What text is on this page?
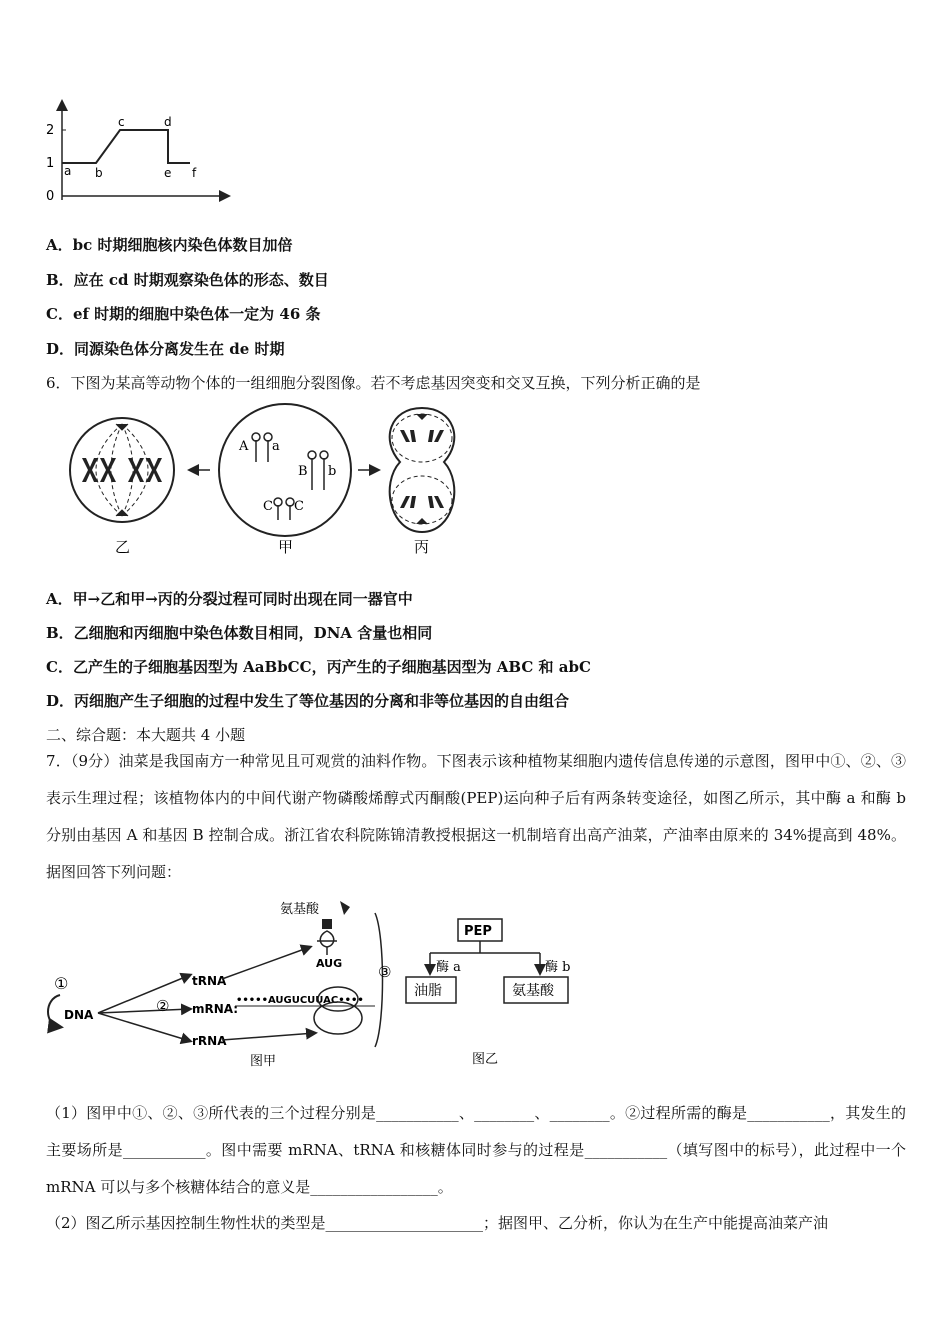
0
1
2
a b
c	d
e f
A．bc 时期细胞核内染色体数目加倍
B．应在 cd 时期观察染色体的形态、数目
C．ef 时期的细胞中染色体一定为 46 条
D．同源染色体分离发生在 de 时期
6．下图为某高等动物个体的一组细胞分裂图像。若不考虑基因突变和交叉互换，下列分析正确的是
A a
B b
C C
乙	甲	丙
A．甲→乙和甲→丙的分裂过程可同时出现在同一器官中
B．乙细胞和丙细胞中染色体数目相同，DNA 含量也相同
C．乙产生的子细胞基因型为 AaBbCC，丙产生的子细胞基因型为 ABC 和 abC
D．丙细胞产生子细胞的过程中发生了等位基因的分离和非等位基因的自由组合
二、综合题：本大题共 4 小题
7．（9分）油菜是我国南方一种常见且可观赏的油料作物。下图表示该种植物某细胞内遗传信息传递的示意图，图甲中①、②、③表示生理过程；该植物体内的中间代谢产物磷酸烯醇式丙酮酸(PEP)运向种子后有两条转变途径，如图乙所示，其中酶 a 和酶 b 分别由基因 A 和基因 B 控制合成。浙江省农科院陈锦清教授根据这一机制培育出高产油菜，产油率由原来的 34%提高到 48%。据图回答下列问题：
①
DNA	②
tRNA
mRNA:
rRNA
氨基酸
AUG
•••••AUGUCUUAC••••
③
图甲
PEP
酶 a	酶 b
油脂	氨基酸
图乙
（1）图甲中①、②、③所代表的三个过程分别是___________、________、________。②过程所需的酶是___________，其发生的主要场所是___________。图中需要 mRNA、tRNA 和核糖体同时参与的过程是___________（填写图中的标号），此过程中一个 mRNA 可以与多个核糖体结合的意义是_________________。
（2）图乙所示基因控制生物性状的类型是_____________________；据图甲、乙分析，你认为在生产中能提高油菜产油
